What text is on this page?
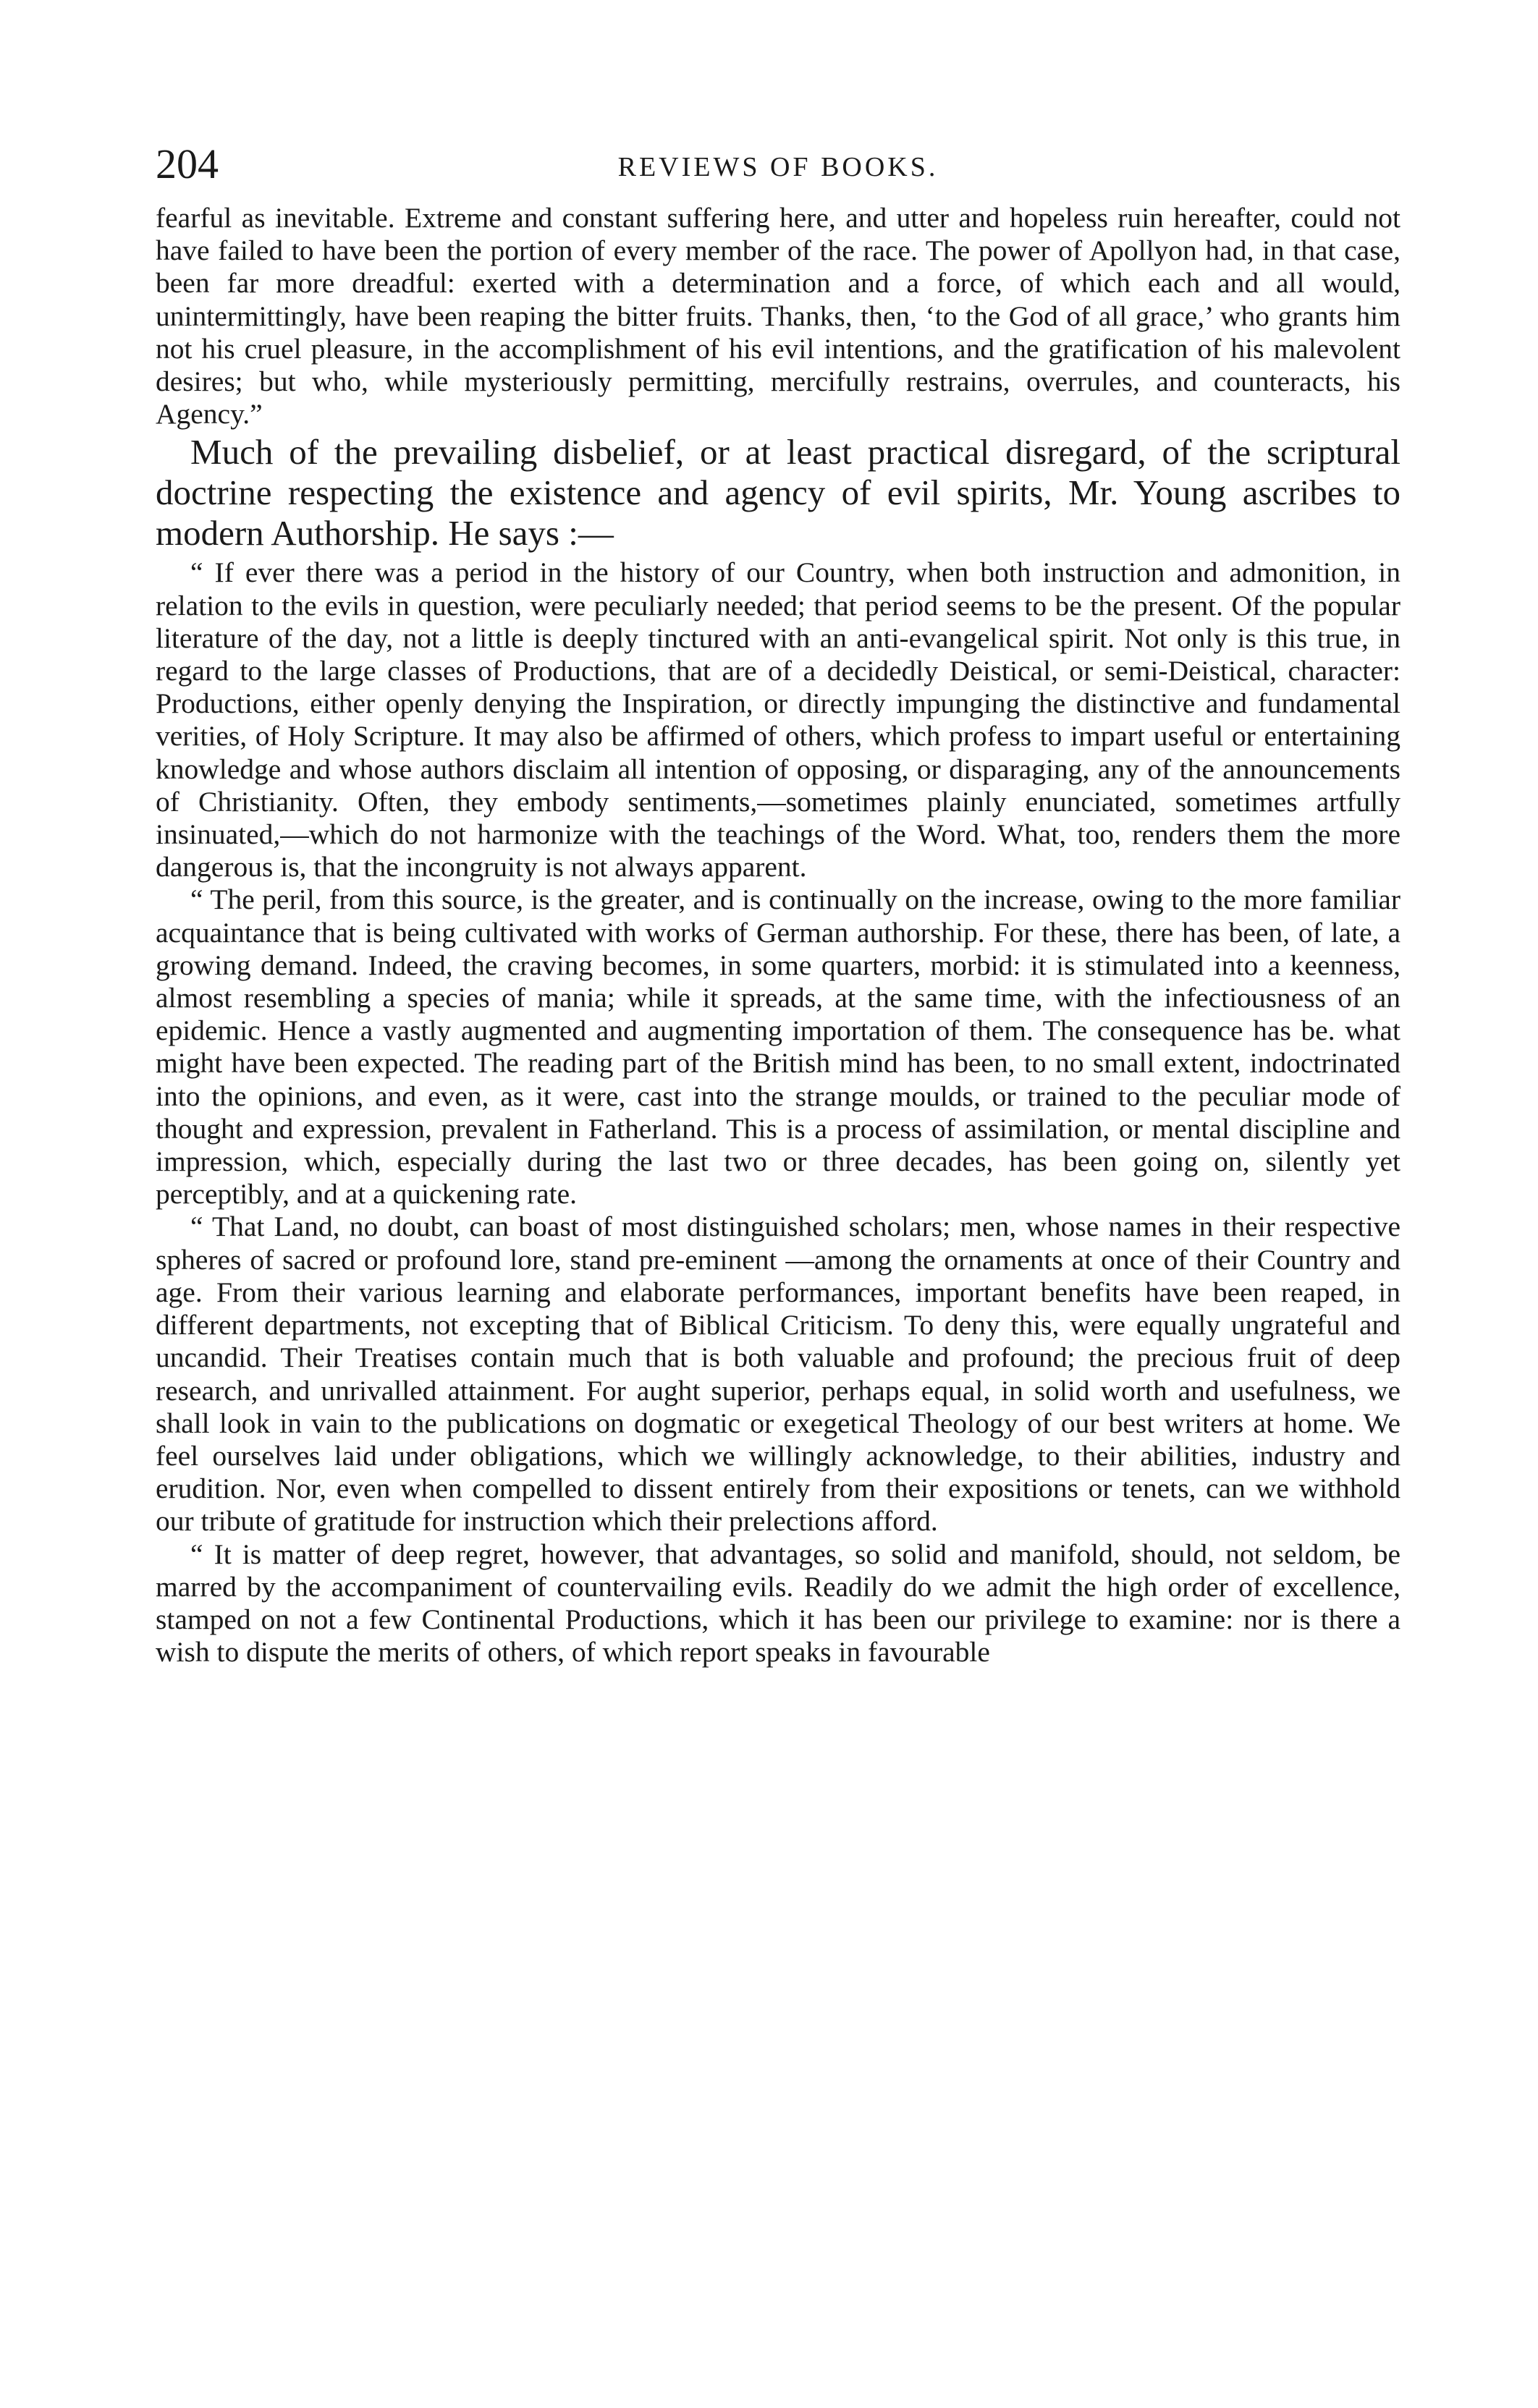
204	REVIEWS OF BOOKS.

fearful as inevitable. Extreme and constant suffering here, and utter and hopeless ruin hereafter, could not have failed to have been the portion of every member of the race. The power of Apollyon had, in that case, been far more dreadful: exerted with a determination and a force, of which each and all would, unintermittingly, have been reaping the bitter fruits. Thanks, then, ‘to the God of all grace,’ who grants him not his cruel pleasure, in the accomplishment of his evil intentions, and the gratification of his malevolent desires; but who, while mysteriously permitting, mercifully restrains, overrules, and counteracts, his Agency.”

Much of the prevailing disbelief, or at least practical disregard, of the scriptural doctrine respecting the existence and agency of evil spirits, Mr. Young ascribes to modern Authorship. He says :—

“ If ever there was a period in the history of our Country, when both instruction and admonition, in relation to the evils in question, were peculiarly needed; that period seems to be the present. Of the popular literature of the day, not a little is deeply tinctured with an anti-evangelical spirit. Not only is this true, in regard to the large classes of Productions, that are of a decidedly Deistical, or semi-Deistical, character: Productions, either openly denying the Inspiration, or directly impunging the distinctive and fundamental verities, of Holy Scripture. It may also be affirmed of others, which profess to impart useful or entertaining knowledge and whose authors disclaim all intention of opposing, or disparaging, any of the announcements of Christianity. Often, they embody sentiments,—sometimes plainly enunciated, sometimes artfully insinuated,—which do not harmonize with the teachings of the Word. What, too, renders them the more dangerous is, that the incongruity is not always apparent.

“ The peril, from this source, is the greater, and is continually on the increase, owing to the more familiar acquaintance that is being cultivated with works of German authorship. For these, there has been, of late, a growing demand. Indeed, the craving becomes, in some quarters, morbid: it is stimulated into a keenness, almost resembling a species of mania; while it spreads, at the same time, with the infectiousness of an epidemic. Hence a vastly augmented and augmenting importation of them. The consequence has be. what might have been expected. The reading part of the British mind has been, to no small extent, indoctrinated into the opinions, and even, as it were, cast into the strange moulds, or trained to the peculiar mode of thought and expression, prevalent in Fatherland. This is a process of assimilation, or mental discipline and impression, which, especially during the last two or three decades, has been going on, silently yet perceptibly, and at a quickening rate.

“ That Land, no doubt, can boast of most distinguished scholars; men, whose names in their respective spheres of sacred or profound lore, stand pre-eminent —among the ornaments at once of their Country and age. From their various learning and elaborate performances, important benefits have been reaped, in different departments, not excepting that of Biblical Criticism. To deny this, were equally ungrateful and uncandid. Their Treatises contain much that is both valuable and profound; the precious fruit of deep research, and unrivalled attainment. For aught superior, perhaps equal, in solid worth and usefulness, we shall look in vain to the publications on dogmatic or exegetical Theology of our best writers at home. We feel ourselves laid under obligations, which we willingly acknowledge, to their abilities, industry and erudition. Nor, even when compelled to dissent entirely from their expositions or tenets, can we withhold our tribute of gratitude for instruction which their prelections afford.

“ It is matter of deep regret, however, that advantages, so solid and manifold, should, not seldom, be marred by the accompaniment of countervailing evils. Readily do we admit the high order of excellence, stamped on not a few Continental Productions, which it has been our privilege to examine: nor is there a wish to dispute the merits of others, of which report speaks in favourable
